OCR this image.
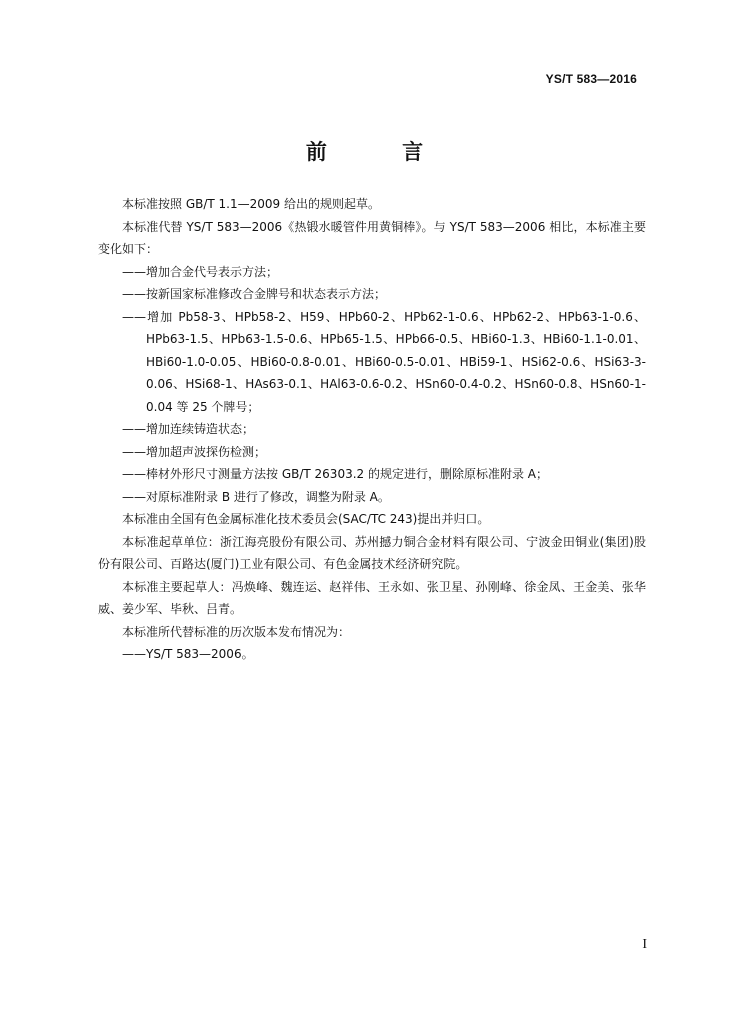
YS/T 583—2016
前 言

本标准按照 GB/T 1.1—2009 给出的规则起草。

本标准代替 YS/T 583—2006《热锻水暖管件用黄铜棒》。与 YS/T 583—2006 相比，本标准主要变化如下：

——增加合金代号表示方法；

——按新国家标准修改合金牌号和状态表示方法；

——增加 Pb58-3、HPb58-2、H59、HPb60-2、HPb62-1-0.6、HPb62-2、HPb63-1-0.6、HPb63-1.5、HPb63-1.5-0.6、HPb65-1.5、HPb66-0.5、HBi60-1.3、HBi60-1.1-0.01、HBi60-1.0-0.05、HBi60-0.8-0.01、HBi60-0.5-0.01、HBi59-1、HSi62-0.6、HSi63-3-0.06、HSi68-1、HAs63-0.1、HAl63-0.6-0.2、HSn60-0.4-0.2、HSn60-0.8、HSn60-1-0.04 等 25 个牌号；

——增加连续铸造状态；

——增加超声波探伤检测；

——棒材外形尺寸测量方法按 GB/T 26303.2 的规定进行，删除原标准附录 A；

——对原标准附录 B 进行了修改，调整为附录 A。

本标准由全国有色金属标准化技术委员会(SAC/TC 243)提出并归口。

本标准起草单位：浙江海亮股份有限公司、苏州撼力铜合金材料有限公司、宁波金田铜业(集团)股份有限公司、百路达(厦门)工业有限公司、有色金属技术经济研究院。

本标准主要起草人：冯焕峰、魏连运、赵祥伟、王永如、张卫星、孙刚峰、徐金凤、王金美、张华威、姜少军、毕秋、吕青。

本标准所代替标准的历次版本发布情况为：

——YS/T 583—2006。

I
